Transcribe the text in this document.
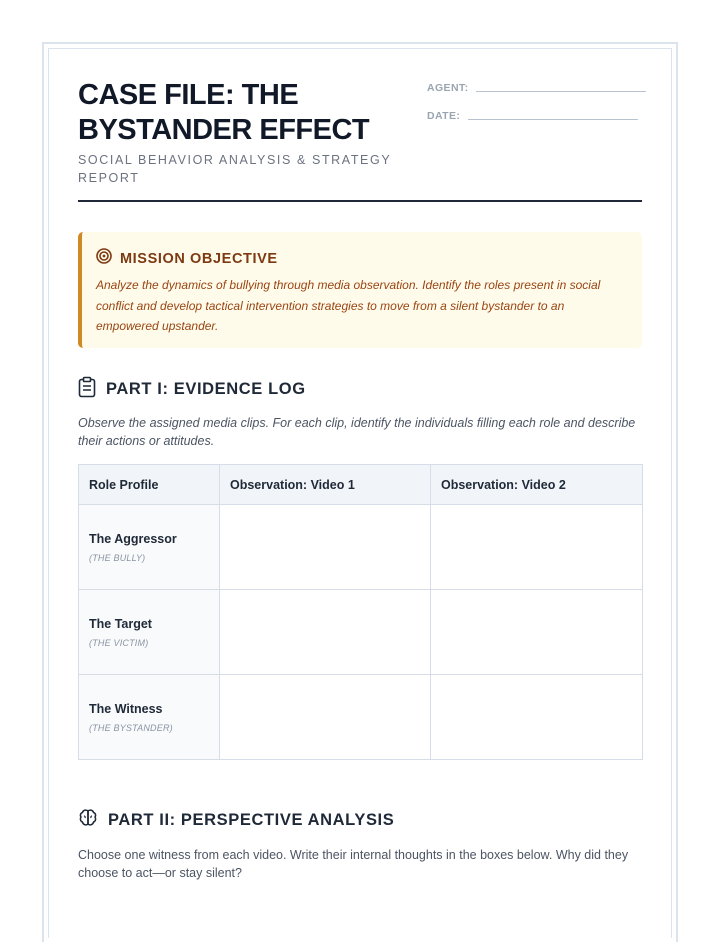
CASE FILE: THE BYSTANDER EFFECT
SOCIAL BEHAVIOR ANALYSIS & STRATEGY REPORT
AGENT:
DATE:
MISSION OBJECTIVE
Analyze the dynamics of bullying through media observation. Identify the roles present in social conflict and develop tactical intervention strategies to move from a silent bystander to an empowered upstander.
PART I: EVIDENCE LOG
Observe the assigned media clips. For each clip, identify the individuals filling each role and describe their actions or attitudes.
Role Profile	Observation: Video 1	Observation: Video 2

The Aggressor
(THE BULLY)		

The Target
(THE VICTIM)		

The Witness
(THE BYSTANDER)		

PART II: PERSPECTIVE ANALYSIS
Choose one witness from each video. Write their internal thoughts in the boxes below. Why did they choose to act—or stay silent?
